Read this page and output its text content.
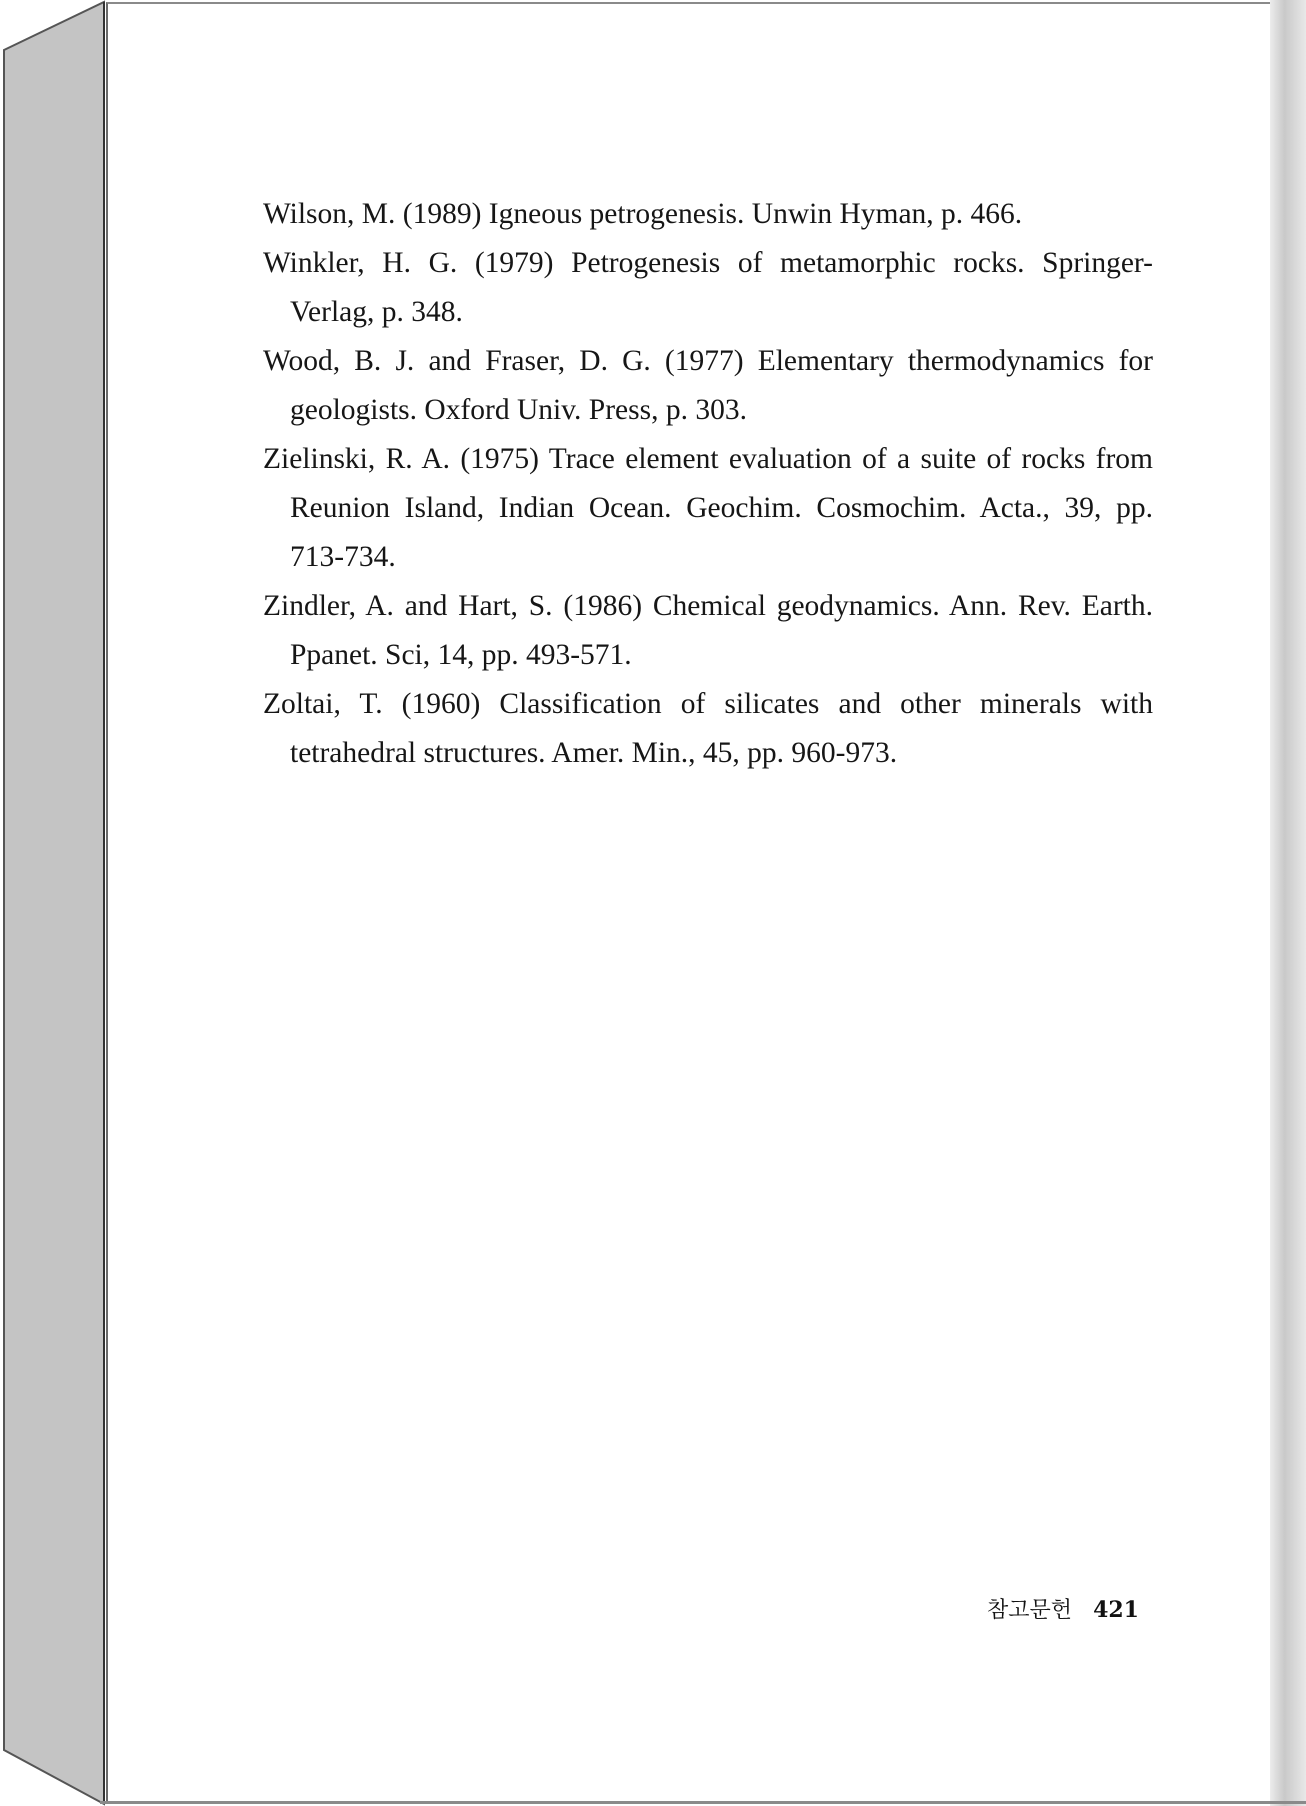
Wilson, M. (1989) Igneous petrogenesis. Unwin Hyman, p. 466.
Winkler, H. G. (1979) Petrogenesis of metamorphic rocks. Springer-Verlag, p. 348.
Wood, B. J. and Fraser, D. G. (1977) Elementary thermodynamics for geologists. Oxford Univ. Press, p. 303.
Zielinski, R. A. (1975) Trace element evaluation of a suite of rocks from Reunion Island, Indian Ocean. Geochim. Cosmochim. Acta., 39, pp. 713-734.
Zindler, A. and Hart, S. (1986) Chemical geodynamics. Ann. Rev. Earth. Ppanet. Sci, 14, pp. 493-571.
Zoltai, T. (1960) Classification of silicates and other minerals with tetrahedral structures. Amer. Min., 45, pp. 960-973.
참고문헌 421
